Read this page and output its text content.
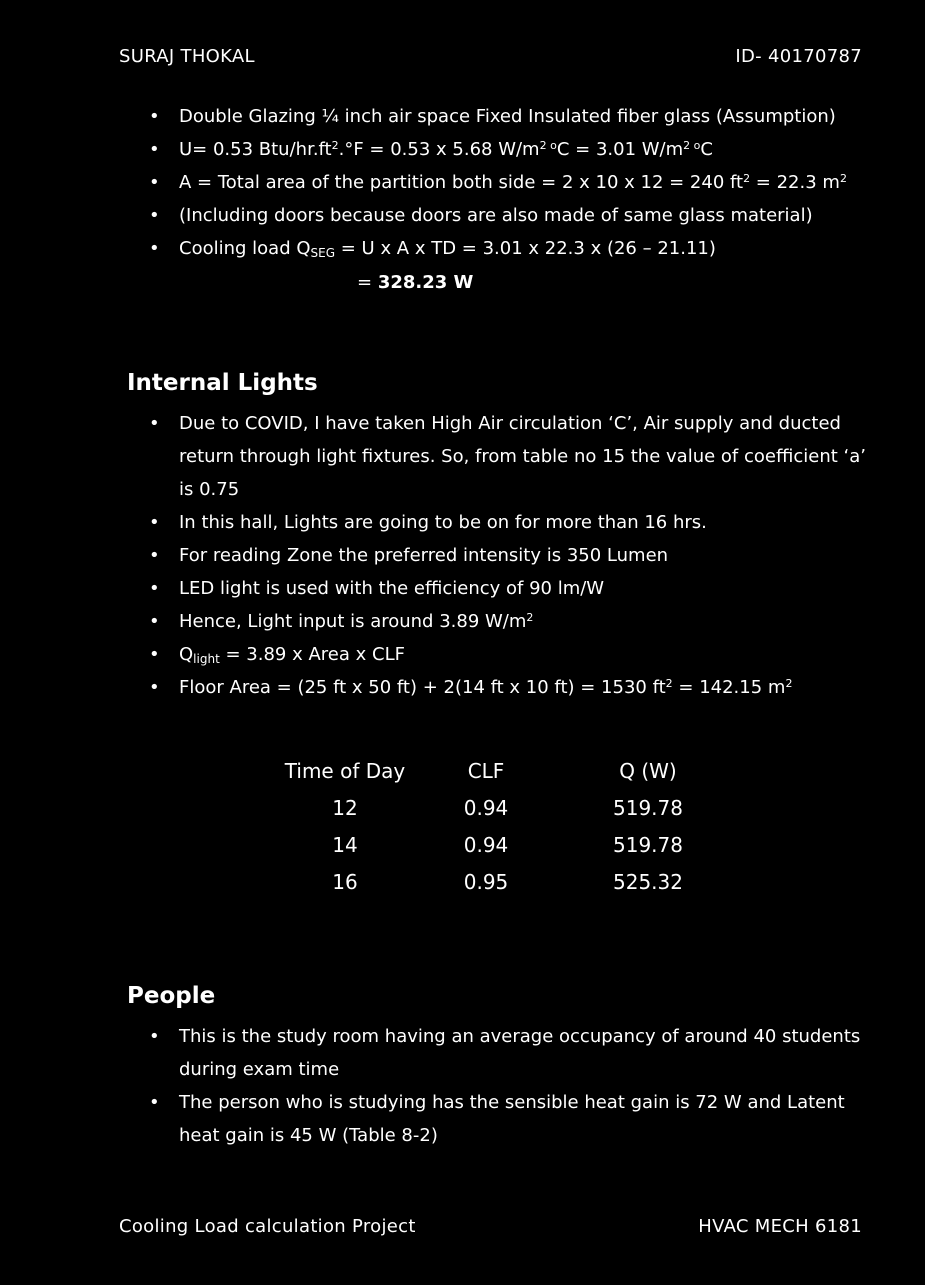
SURAJ THOKAL	ID- 40170787
• Double Glazing ¼ inch air space Fixed Insulated fiber glass (Assumption)
• U= 0.53 Btu/$hr.ft^2.^\circ F = 0.53$ x 5.68 $W/m^{2 o}C = 3.01$ $W/m^{2 o}C$
• A = Total area of the partition both side = 2 x 10 x 12 = 240 $ft^2 = 22.3$ $m^2$
• (Including doors because doors are also made of same glass material)
• Cooling load $Q_{SEG} = U$ x A x TD = 3.01 x 22.3 x (26 – 21.11)
= 328.23 W
Internal Lights
• Due to COVID, I have taken High Air circulation ‘C’, Air supply and ducted return through light fixtures. So, from table no 15 the value of coefficient ‘a’ is 0.75
• In this hall, Lights are going to be on for more than 16 hrs.
• For reading Zone the preferred intensity is 350 Lumen
• LED light is used with the efficiency of 90 lm/W
• Hence, Light input is around 3.89 $W/m^2$
• $Q_{light} = 3.89$ x Area x CLF
• Floor Area = (25 ft x 50 ft) + 2(14 ft x 10 ft) = 1530 $ft^2 = 142.15$ $m^2$
Time of Day	CLF	Q (W)
12	0.94	519.78
14	0.94	519.78
16	0.95	525.32
People
• This is the study room having an average occupancy of around 40 students during exam time
• The person who is studying has the sensible heat gain is 72 W and Latent heat gain is 45 W (Table 8-2)
Cooling Load calculation Project	HVAC MECH 6181
